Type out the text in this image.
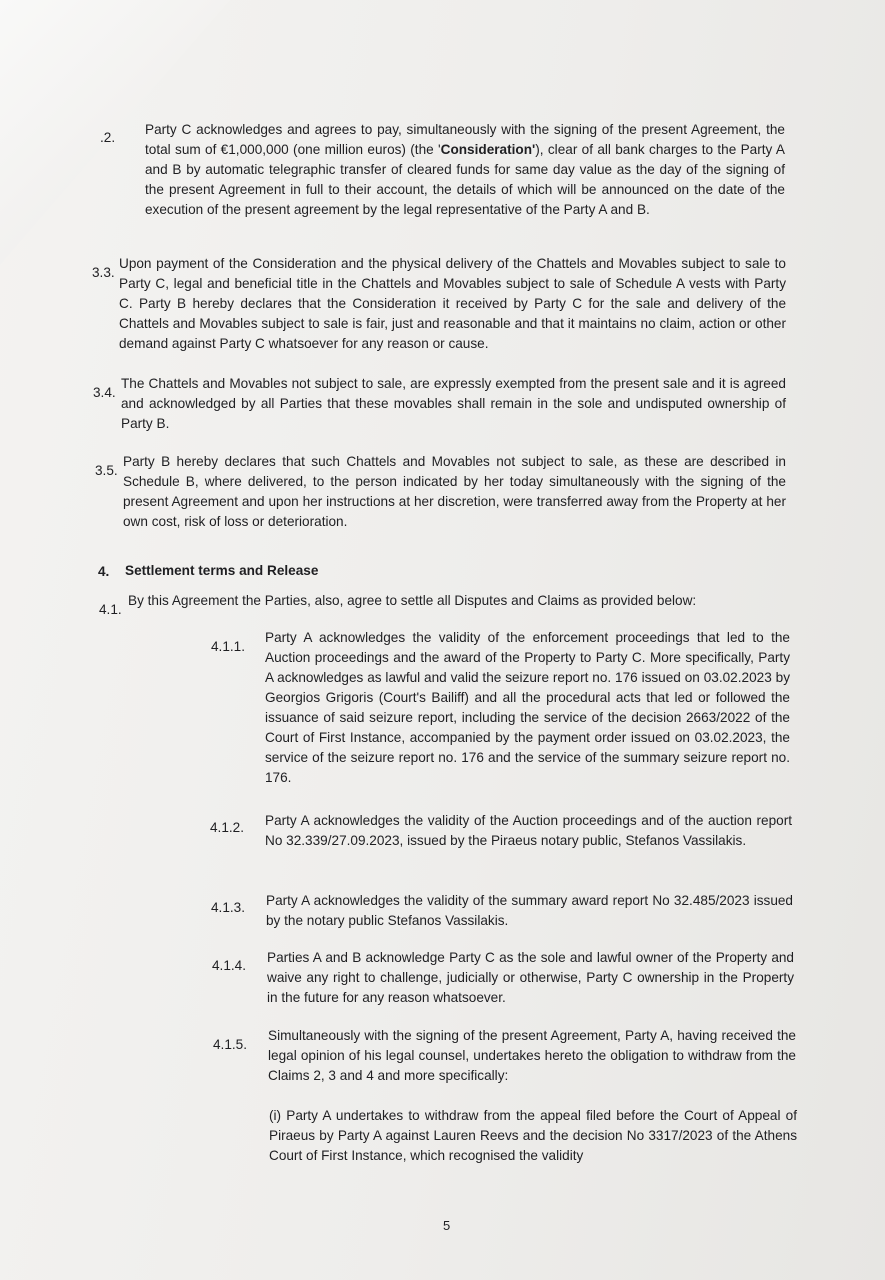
.2.
Party C acknowledges and agrees to pay, simultaneously with the signing of the present Agreement, the total sum of €1,000,000 (one million euros) (the 'Consideration'), clear of all bank charges to the Party A and B by automatic telegraphic transfer of cleared funds for same day value as the day of the signing of the present Agreement in full to their account, the details of which will be announced on the date of the execution of the present agreement by the legal representative of the Party A and B.
3.3.
Upon payment of the Consideration and the physical delivery of the Chattels and Movables subject to sale to Party C, legal and beneficial title in the Chattels and Movables subject to sale of Schedule A vests with Party C. Party B hereby declares that the Consideration it received by Party C for the sale and delivery of the Chattels and Movables subject to sale is fair, just and reasonable and that it maintains no claim, action or other demand against Party C whatsoever for any reason or cause.
3.4.
The Chattels and Movables not subject to sale, are expressly exempted from the present sale and it is agreed and acknowledged by all Parties that these movables shall remain in the sole and undisputed ownership of Party B.
3.5.
Party B hereby declares that such Chattels and Movables not subject to sale, as these are described in Schedule B, where delivered, to the person indicated by her today simultaneously with the signing of the present Agreement and upon her instructions at her discretion, were transferred away from the Property at her own cost, risk of loss or deterioration.
4. Settlement terms and Release
4.1.
By this Agreement the Parties, also, agree to settle all Disputes and Claims as provided below:
4.1.1.
Party A acknowledges the validity of the enforcement proceedings that led to the Auction proceedings and the award of the Property to Party C. More specifically, Party A acknowledges as lawful and valid the seizure report no. 176 issued on 03.02.2023 by Georgios Grigoris (Court's Bailiff) and all the procedural acts that led or followed the issuance of said seizure report, including the service of the decision 2663/2022 of the Court of First Instance, accompanied by the payment order issued on 03.02.2023, the service of the seizure report no. 176 and the service of the summary seizure report no. 176.
4.1.2. Party A acknowledges the validity of the Auction proceedings and of the auction report No 32.339/27.09.2023, issued by the Piraeus notary public, Stefanos Vassilakis.
4.1.3. Party A acknowledges the validity of the summary award report No 32.485/2023 issued by the notary public Stefanos Vassilakis.
4.1.4.
Parties A and B acknowledge Party C as the sole and lawful owner of the Property and waive any right to challenge, judicially or otherwise, Party C ownership in the Property in the future for any reason whatsoever.
4.1.5.
Simultaneously with the signing of the present Agreement, Party A, having received the legal opinion of his legal counsel, undertakes hereto the obligation to withdraw from the Claims 2, 3 and 4 and more specifically:
(i) Party A undertakes to withdraw from the appeal filed before the Court of Appeal of Piraeus by Party A against Lauren Reevs and the decision No 3317/2023 of the Athens Court of First Instance, which recognised the validity
5
